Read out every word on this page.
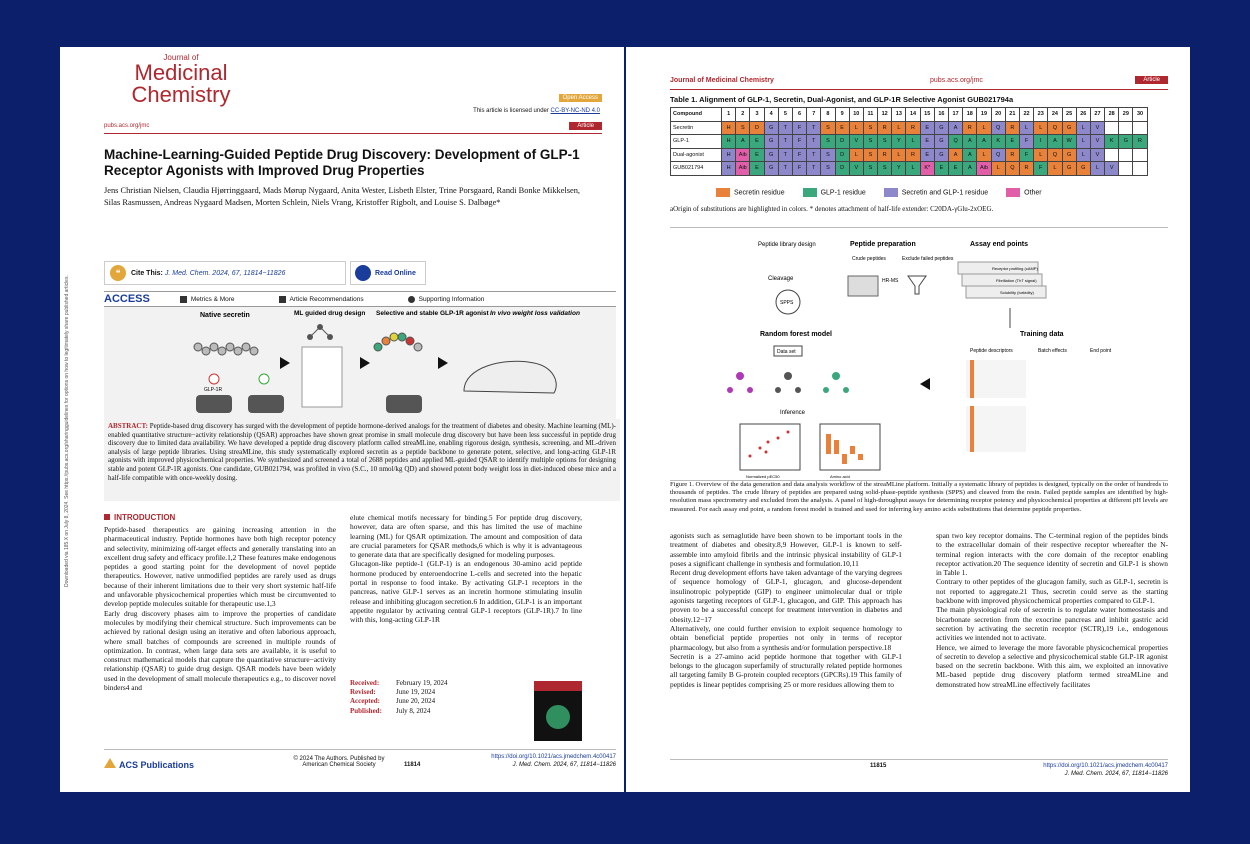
Journal of
Medicinal
Chemistry	Open Access
This article is licensed under CC-BY-NC-ND 4.0
pubs.acs.org/jmc	Article
Machine-Learning-Guided Peptide Drug Discovery: Development of GLP-1 Receptor Agonists with Improved Drug Properties
Jens Christian Nielsen, Claudia Hjørringgaard, Mads Mørup Nygaard, Anita Wester, Lisbeth Elster, Trine Porsgaard, Randi Bonke Mikkelsen, Silas Rasmussen, Andreas Nygaard Madsen, Morten Schlein, Niels Vrang, Kristoffer Rigbolt, and Louise S. Dalbøge*
❝	Cite This:
J. Med. Chem. 2024, 67, 11814−11826	Read Online
ACCESS	Metrics & More	Article Recommendations	Supporting Information
Native secretin	ML guided drug design Selective and stable GLP-1R agonist In vivo weight loss validation
GLP-1R
ABSTRACT: Peptide-based drug discovery has surged with the development of peptide hormone-derived analogs for the treatment of diabetes and obesity. Machine learning (ML)-enabled quantitative structure−activity relationship (QSAR) approaches have shown great promise in small molecule drug discovery but have been less successful in peptide drug discovery due to limited data availability. We have developed a peptide drug discovery platform called streaMLine, enabling rigorous design, synthesis, screening, and ML-driven analysis of large peptide libraries. Using streaMLine, this study systematically explored secretin as a peptide backbone to generate potent, selective, and long-acting GLP-1R agonists with improved physicochemical properties. We synthesized and screened a total of 2688 peptides and applied ML-guided QSAR to identify multiple options for designing stable and potent GLP-1R agonists. One candidate, GUB021794, was profiled in vivo (S.C., 10 nmol/kg QD) and showed potent body weight loss in diet-induced obese mice and a half-life compatible with once-weekly dosing.
Downloaded via 185.X on July 8, 2024. See https://pubs.acs.org/sharingguidelines for options on how to legitimately share published articles.	INTRODUCTION
Peptide-based therapeutics are gaining increasing attention in the pharmaceutical industry. Peptide hormones have both high receptor potency and selectivity, minimizing off-target effects and generally translating into an excellent drug safety and efficacy profile.1,2 These features make endogenous peptides a good starting point for the development of novel peptide therapeutics. However, native unmodified peptides are rarely used as drugs because of their inherent limitations due to their very short systemic half-life and unfavorable physicochemical properties which must be circumvented to develop peptide molecules suitable for therapeutic use.1,3
Early drug discovery phases aim to improve the properties of candidate molecules by modifying their chemical structure. Such improvements can be achieved by rational design using an iterative and often laborious approach, where small batches of compounds are screened in multiple rounds of optimization. In contrast, when large data sets are available, it is useful to construct mathematical models that capture the quantitative structure−activity relationship (QSAR) to guide drug design. QSAR models have been widely used in the development of small molecule therapeutics e.g., to discover novel binders4 and
elute chemical motifs necessary for binding.5 For peptide drug discovery, however, data are often sparse, and this has limited the use of machine learning (ML) for QSAR optimization. The amount and composition of data are crucial parameters for QSAR methods,6 which is why it is advantageous to generate data that are specifically designed for modeling purposes.
Glucagon-like peptide-1 (GLP-1) is an endogenous 30-amino acid peptide hormone produced by enteroendocrine L-cells and secreted into the hepatic portal in response to food intake. By activating GLP-1 receptors in the pancreas, native GLP-1 serves as an incretin hormone stimulating insulin release and inhibiting glucagon secretion.6 In addition, GLP-1 is an important appetite regulator by activating central GLP-1 receptors (GLP-1R).7 In line with this, long-acting GLP-1R
Received: February 19, 2024
Revised:	June 19, 2024
Accepted: June 20, 2024
Published: July 8, 2024
ACS Publications
© 2024 The Authors. Published by American Chemical Society	11814
https://doi.org/10.1021/acs.jmedchem.4c00417
J. Med. Chem. 2024, 67, 11814−11826
Journal of Medicinal Chemistry	pubs.acs.org/jmc	Article
Table 1. Alignment of GLP-1, Secretin, Dual-Agonist, and GLP-1R Selective Agonist GUB021794a
Compound	1	2	3	4	5	6	7	8	9	10	11	12	13	14	15	16	17	18	19	20	21	22	23	24	25	26	27	28	29	30
Secretin	H	S	D	G	T	F	T	S	E	L	S	R	L	R	E	G	A	R	L	Q	R	L	L	Q	G	L	V			
GLP-1	H	A	E	G	T	F	T	S	D	V	S	S	Y	L	E	G	Q	A	A	K	E	F	I	A	W	L	V	K	G	R
Dual-agonist	H	Aib	E	G	T	F	T	S	D	L	S	R	L	R	E	G	A	A	L	Q	R	F	L	Q	G	L	V			
GUB021794	H	Aib	E	G	T	F	T	S	D	V	S	S	Y	L	K*	E	E	A	Aib	L	Q	R	F	L	G	G	L	V		
Secretin residue	GLP-1 residue	Secretin and GLP-1 residue	Other
aOrigin of substitutions are highlighted in colors. * denotes attachment of half-life extender: C20DA-γGlu-2xOEG.
Peptide library design
Cleavage
SPPS
Peptide preparation
Crude peptides
HR-MS
Exclude failed peptides
Assay end points
Receptor profiling (cAMP)
Fibrillation (ThT signal)
Solubility (turbidity)
Random forest model
Data set
Inference
Normalized pEC50	Amino acid
Training data
Peptide descriptors	Batch effects	End point
Figure 1. Overview of the data generation and data analysis workflow of the streaMLine platform. Initially a systematic library of peptides is designed, typically on the order of hundreds to thousands of peptides. The crude library of peptides are prepared using solid-phase-peptide synthesis (SPPS) and cleaved from the resin. Failed peptide samples are identified by high-resolution mass spectrometry and excluded from the analysis. A panel of high-throughput assays for determining receptor potency and physicochemical properties at different pH levels are measured. For each assay end point, a random forest model is trained and used for inferring key amino acids substitutions that determine peptide properties.
agonists such as semaglutide have been shown to be important tools in the treatment of diabetes and obesity.8,9 However, GLP-1 is known to self-assemble into amyloid fibrils and the intrinsic physical instability of GLP-1 poses a significant challenge in synthesis and formulation.10,11
Recent drug development efforts have taken advantage of the varying degrees of sequence homology of GLP-1, glucagon, and glucose-dependent insulinotropic polypeptide (GIP) to engineer unimolecular dual or triple agonists targeting receptors of GLP-1, glucagon, and GIP. This approach has proven to be a successful concept for treatment intervention in diabetes and obesity.12−17
Alternatively, one could further envision to exploit sequence homology to obtain beneficial peptide properties not only in terms of receptor pharmacology, but also from a synthesis and/or formulation perspective.18
Secretin is a 27-amino acid peptide hormone that together with GLP-1 belongs to the glucagon superfamily of structurally related peptide hormones all targeting family B G-protein coupled receptors (GPCRs).19 This family of peptides is linear peptides comprising 25 or more residues allowing them to
span two key receptor domains. The C-terminal region of the peptides binds to the extracellular domain of their respective receptor whereafter the N-terminal region interacts with the core domain of the receptor enabling receptor activation.20 The sequence identity of secretin and GLP-1 is shown in Table 1.
Contrary to other peptides of the glucagon family, such as GLP-1, secretin is not reported to aggregate.21 Thus, secretin could serve as the starting backbone with improved physicochemical properties compared to GLP-1.
The main physiological role of secretin is to regulate water homeostasis and bicarbonate secretion from the exocrine pancreas and inhibit gastric acid secretion by activating the secretin receptor (SCTR),19 i.e., endogenous activities we intended not to activate.
Hence, we aimed to leverage the more favorable physicochemical properties of secretin to develop a selective and physicochemical stable GLP-1R agonist based on the secretin backbone. With this aim, we exploited an innovative ML-based peptide drug discovery platform termed streaMLine and demonstrated how streaMLine effectively facilitates
11815	https://doi.org/10.1021/acs.jmedchem.4c00417
J. Med. Chem. 2024, 67, 11814−11826
